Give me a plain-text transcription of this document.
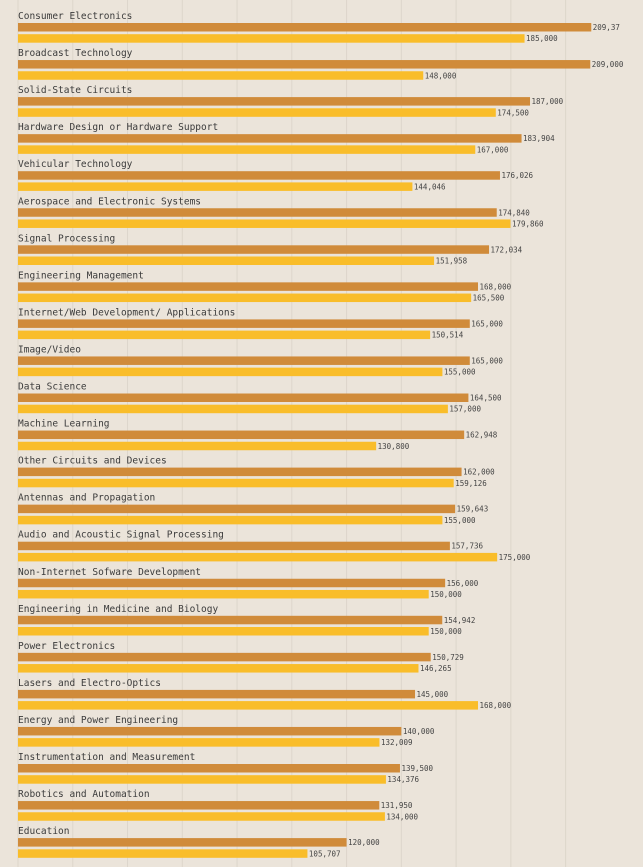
Consumer Electronics
209,37
185,000
Broadcast Technology
209,000
148,000
Solid-State Circuits
187,000
174,500
Hardware Design or Hardware Support
183,904
167,000
Vehicular Technology
176,026
144,046
Aerospace and Electronic Systems
174,840
179,860
Signal Processing
172,034
151,958
Engineering Management
168,000
165,500
Internet/Web Development/ Applications
165,000
150,514
Image/Video
165,000
155,000
Data Science
164,500
157,000
Machine Learning
162,948
130,800
Other Circuits and Devices
162,000
159,126
Antennas and Propagation
159,643
155,000
Audio and Acoustic Signal Processing
157,736
175,000
Non-Internet Sofware Development
156,000
150,000
Engineering in Medicine and Biology
154,942
150,000
Power Electronics
150,729
146,265
Lasers and Electro-Optics
145,000
168,000
Energy and Power Engineering
140,000
132,009
Instrumentation and Measurement
139,500
134,376
Robotics and Automation
131,950
134,000
Education
120,000
105,707
